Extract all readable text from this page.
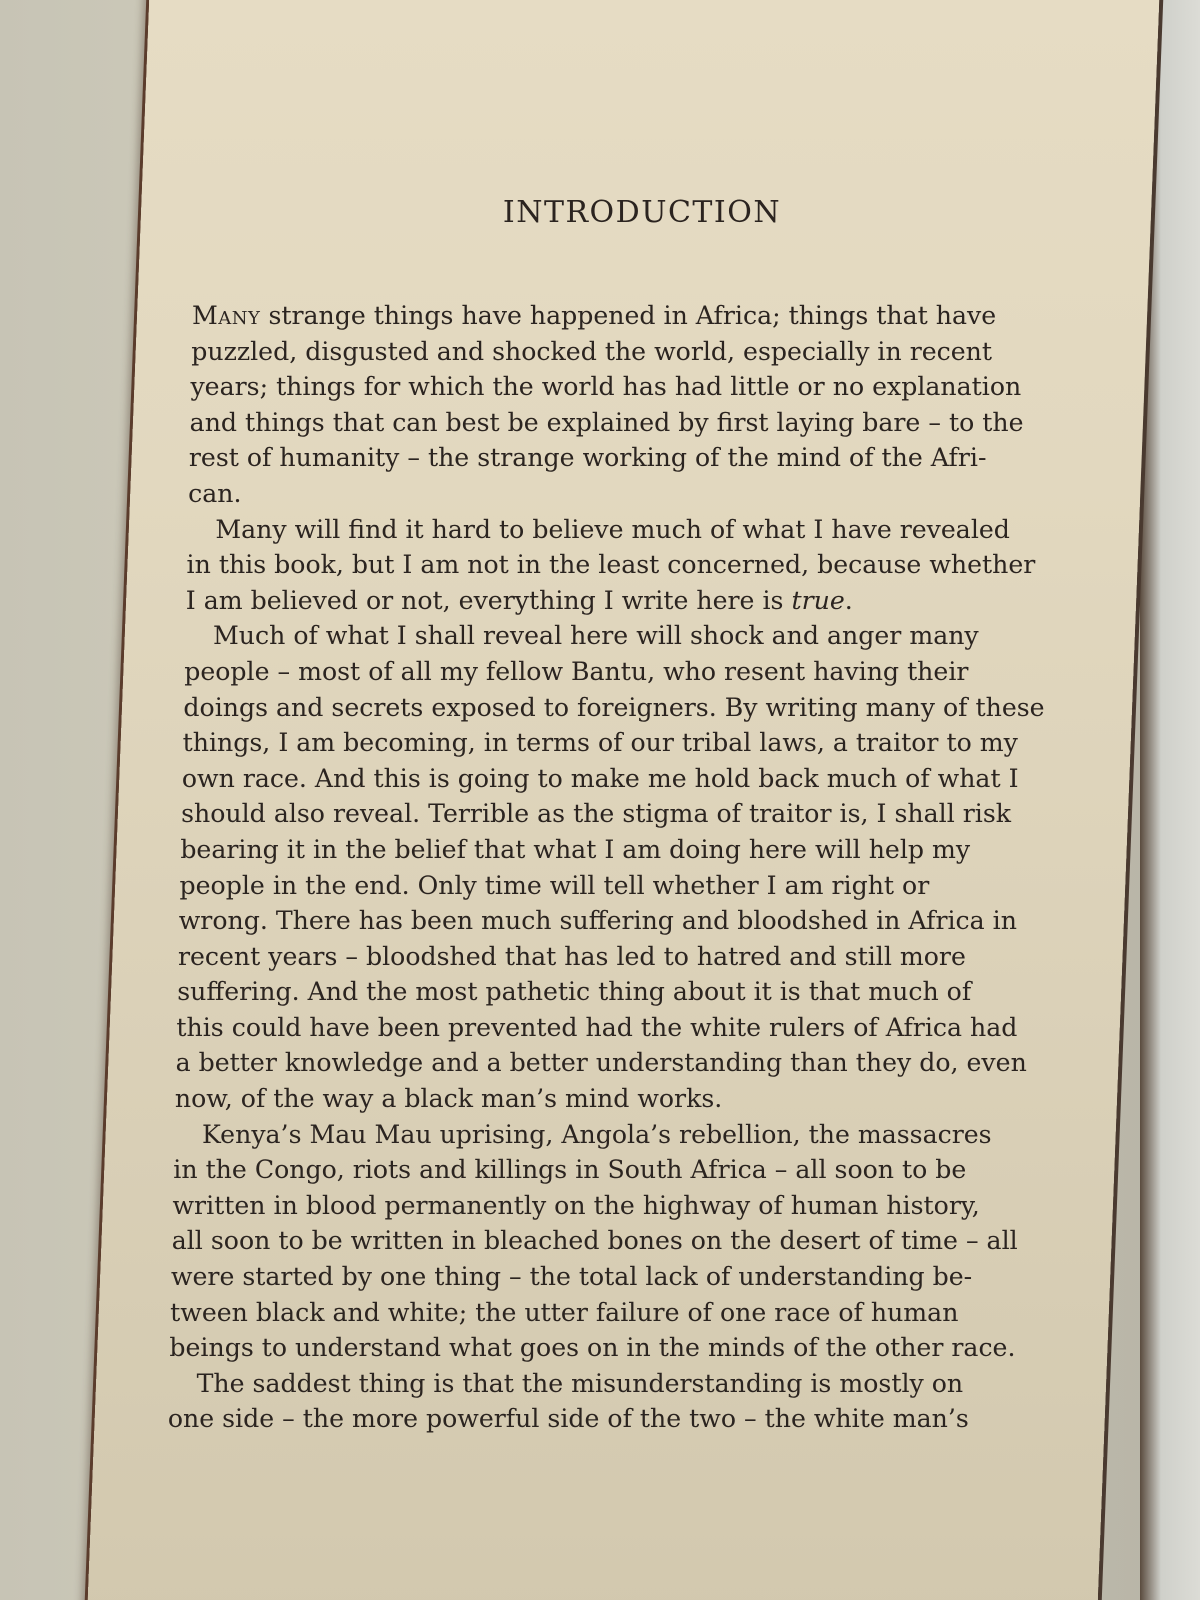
INTRODUCTION

Many strange things have happened in Africa; things that have
puzzled, disgusted and shocked the world, especially in recent
years; things for which the world has had little or no explanation
and things that can best be explained by first laying bare – to the
rest of humanity – the strange working of the mind of the Afri-
can.

Many will find it hard to believe much of what I have revealed
in this book, but I am not in the least concerned, because whether
I am believed or not, everything I write here is true.

Much of what I shall reveal here will shock and anger many
people – most of all my fellow Bantu, who resent having their
doings and secrets exposed to foreigners. By writing many of these
things, I am becoming, in terms of our tribal laws, a traitor to my
own race. And this is going to make me hold back much of what I
should also reveal. Terrible as the stigma of traitor is, I shall risk
bearing it in the belief that what I am doing here will help my
people in the end. Only time will tell whether I am right or
wrong. There has been much suffering and bloodshed in Africa in
recent years – bloodshed that has led to hatred and still more
suffering. And the most pathetic thing about it is that much of
this could have been prevented had the white rulers of Africa had
a better knowledge and a better understanding than they do, even
now, of the way a black man’s mind works.

Kenya’s Mau Mau uprising, Angola’s rebellion, the massacres
in the Congo, riots and killings in South Africa – all soon to be
written in blood permanently on the highway of human history,
all soon to be written in bleached bones on the desert of time – all
were started by one thing – the total lack of understanding be-
tween black and white; the utter failure of one race of human
beings to understand what goes on in the minds of the other race.

The saddest thing is that the misunderstanding is mostly on
one side – the more powerful side of the two – the white man’s
